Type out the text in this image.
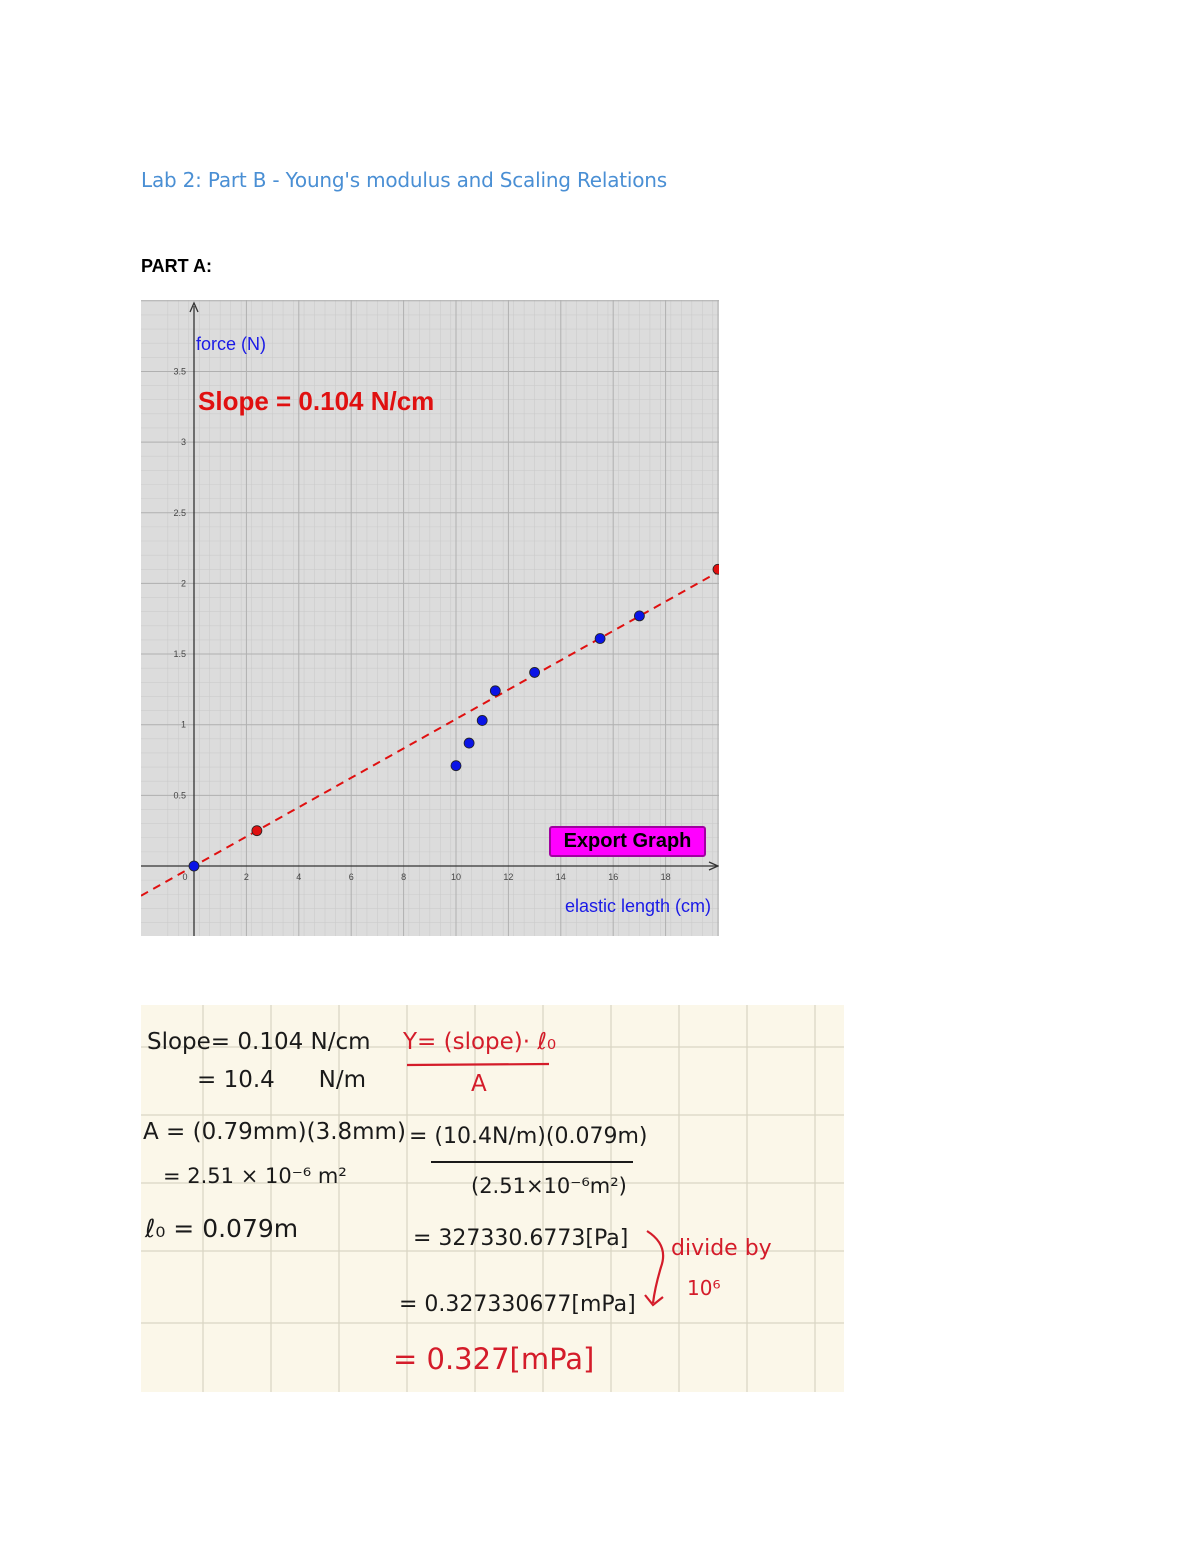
Lab 2: Part B - Young's modulus and Scaling Relations
PART A:
2	4	6	8	10	12	14	16	18
0.5
1
1.5
2
2.5
3
3.5
0
force (N)
elastic length (cm)
Slope = 0.104 N/cm
Export Graph
Slope= 0.104 N/cm
= 10.4      N/m
A = (0.79mm)(3.8mm)
= 2.51 × 10⁻⁶ m²
ℓ₀ = 0.079m
Y= (slope)· ℓ₀
A
= (10.4N/m)(0.079m)
(2.51×10⁻⁶m²)
= 327330.6773[Pa]
= 0.327330677[mPa]
= 0.327[mPa]
divide by
10⁶
